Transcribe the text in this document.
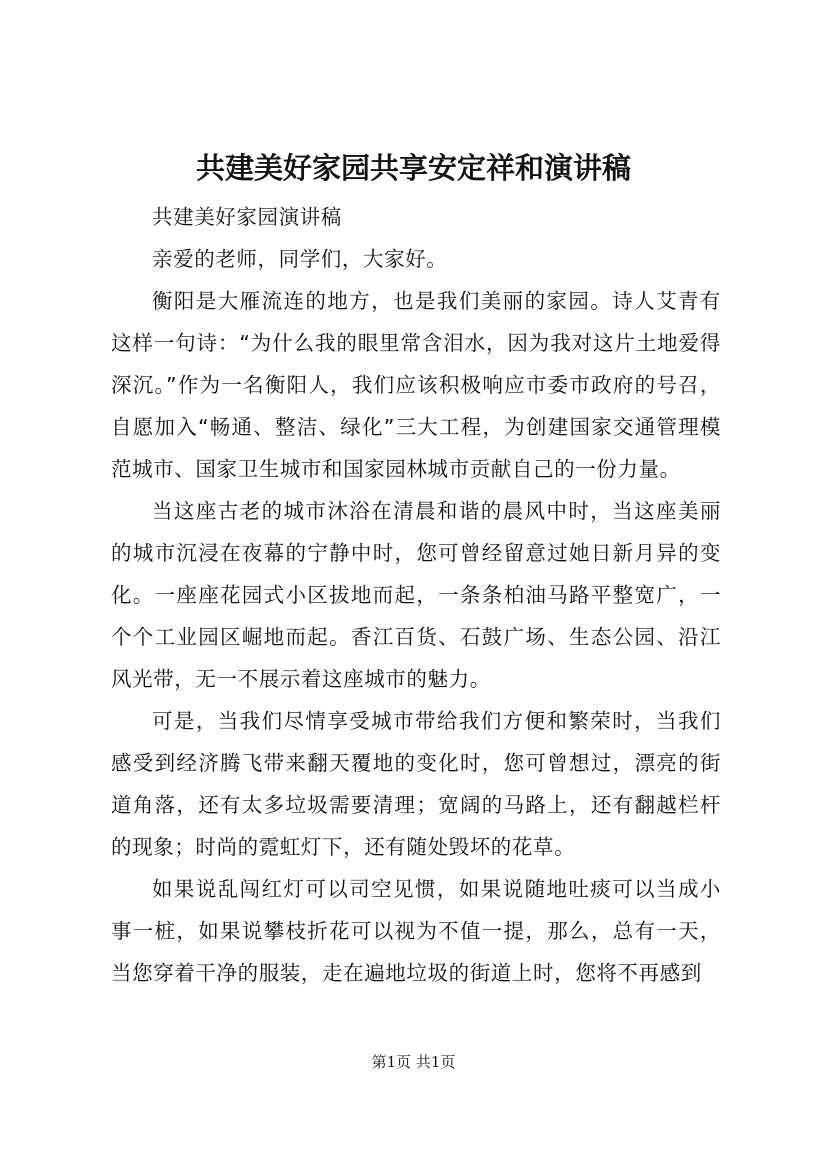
共建美好家园共享安定祥和演讲稿

共建美好家园演讲稿

亲爱的老师，同学们，大家好。

衡阳是大雁流连的地方，也是我们美丽的家园。诗人艾青有这样一句诗：“为什么我的眼里常含泪水，因为我对这片土地爱得深沉。”作为一名衡阳人，我们应该积极响应市委市政府的号召，自愿加入“畅通、整洁、绿化”三大工程，为创建国家交通管理模范城市、国家卫生城市和国家园林城市贡献自己的一份力量。

当这座古老的城市沐浴在清晨和谐的晨风中时，当这座美丽的城市沉浸在夜幕的宁静中时，您可曾经留意过她日新月异的变化。一座座花园式小区拔地而起，一条条柏油马路平整宽广，一个个工业园区崛地而起。香江百货、石鼓广场、生态公园、沿江风光带，无一不展示着这座城市的魅力。

可是，当我们尽情享受城市带给我们方便和繁荣时，当我们感受到经济腾飞带来翻天覆地的变化时，您可曾想过，漂亮的街道角落，还有太多垃圾需要清理；宽阔的马路上，还有翻越栏杆的现象；时尚的霓虹灯下，还有随处毁坏的花草。

如果说乱闯红灯可以司空见惯，如果说随地吐痰可以当成小事一桩，如果说攀枝折花可以视为不值一提，那么，总有一天，当您穿着干净的服装，走在遍地垃圾的街道上时，您将不再感到

第1页 共1页
